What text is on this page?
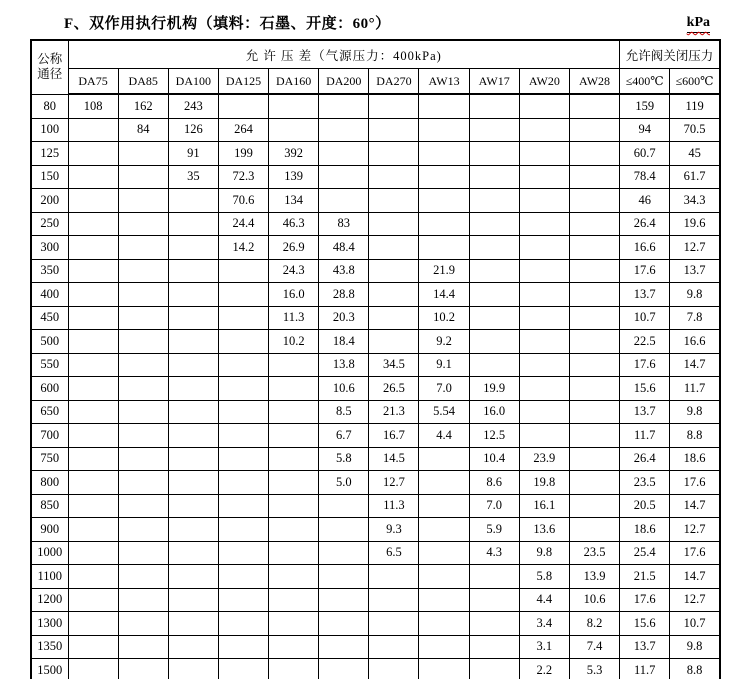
F、双作用执行机构（填料：石墨、开度：60°）	kPa
公称
通径	允 许 压 差（气源压力：400kPa)											允许阀关闭压力	
	DA75	DA85	DA100	DA125	DA160	DA200	DA270	AW13	AW17	AW20	AW28	≤400℃	≤600℃
80	108	162	243									159	119
100		84	126	264								94	70.5
125			91	199	392							60.7	45
150			35	72.3	139							78.4	61.7
200				70.6	134							46	34.3
250				24.4	46.3	83						26.4	19.6
300				14.2	26.9	48.4						16.6	12.7
350					24.3	43.8		21.9				17.6	13.7
400					16.0	28.8		14.4				13.7	9.8
450					11.3	20.3		10.2				10.7	7.8
500					10.2	18.4		9.2				22.5	16.6
550						13.8	34.5	9.1				17.6	14.7
600						10.6	26.5	7.0	19.9			15.6	11.7
650						8.5	21.3	5.54	16.0			13.7	9.8
700						6.7	16.7	4.4	12.5			11.7	8.8
750						5.8	14.5		10.4	23.9		26.4	18.6
800						5.0	12.7		8.6	19.8		23.5	17.6
850							11.3		7.0	16.1		20.5	14.7
900							9.3		5.9	13.6		18.6	12.7
1000							6.5		4.3	9.8	23.5	25.4	17.6
1100										5.8	13.9	21.5	14.7
1200										4.4	10.6	17.6	12.7
1300										3.4	8.2	15.6	10.7
1350										3.1	7.4	13.7	9.8
1500										2.2	5.3	11.7	8.8
